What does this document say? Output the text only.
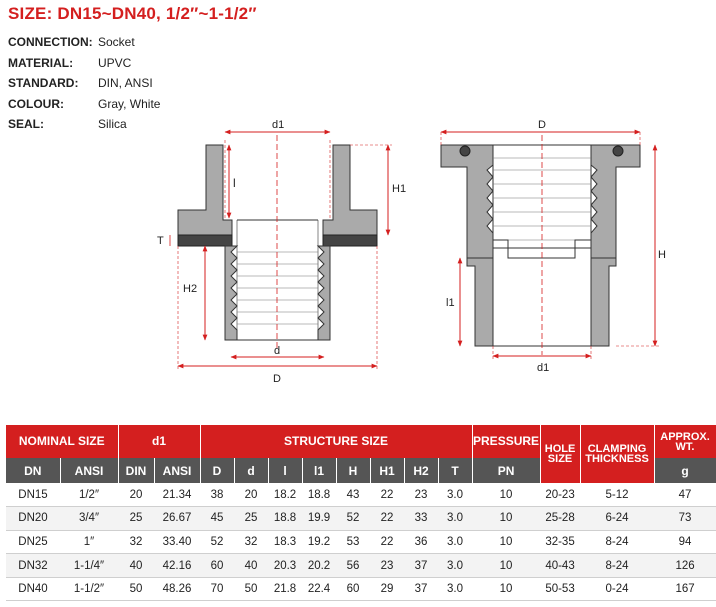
SIZE: DN15~DN40, 1/2″~1-1/2″
CONNECTION: Socket
MATERIAL:	UPVC
STANDARD:	DIN, ANSI
COLOUR:	Gray, White
SEAL:	Silica	d1
l	H1
T
H2
d
D
D
H
l1
d1
NOMINAL SIZE		d1		STRUCTURE SIZE								PRESSURE	HOLE SIZE	CLAMPING THICKNESS	APPROX. WT.
DN	ANSI	DIN	ANSI	D	d	l	l1	H	H1	H2	T	PN			g
DN15	1/2″	20	21.34	38	20	18.2	18.8	43	22	23	3.0	10	20-23	5-12	47
DN20	3/4″	25	26.67	45	25	18.8	19.9	52	22	33	3.0	10	25-28	6-24	73
DN25	1″	32	33.40	52	32	18.3	19.2	53	22	36	3.0	10	32-35	8-24	94
DN32	1-1/4″	40	42.16	60	40	20.3	20.2	56	23	37	3.0	10	40-43	8-24	126
DN40	1-1/2″	50	48.26	70	50	21.8	22.4	60	29	37	3.0	10	50-53	0-24	167
